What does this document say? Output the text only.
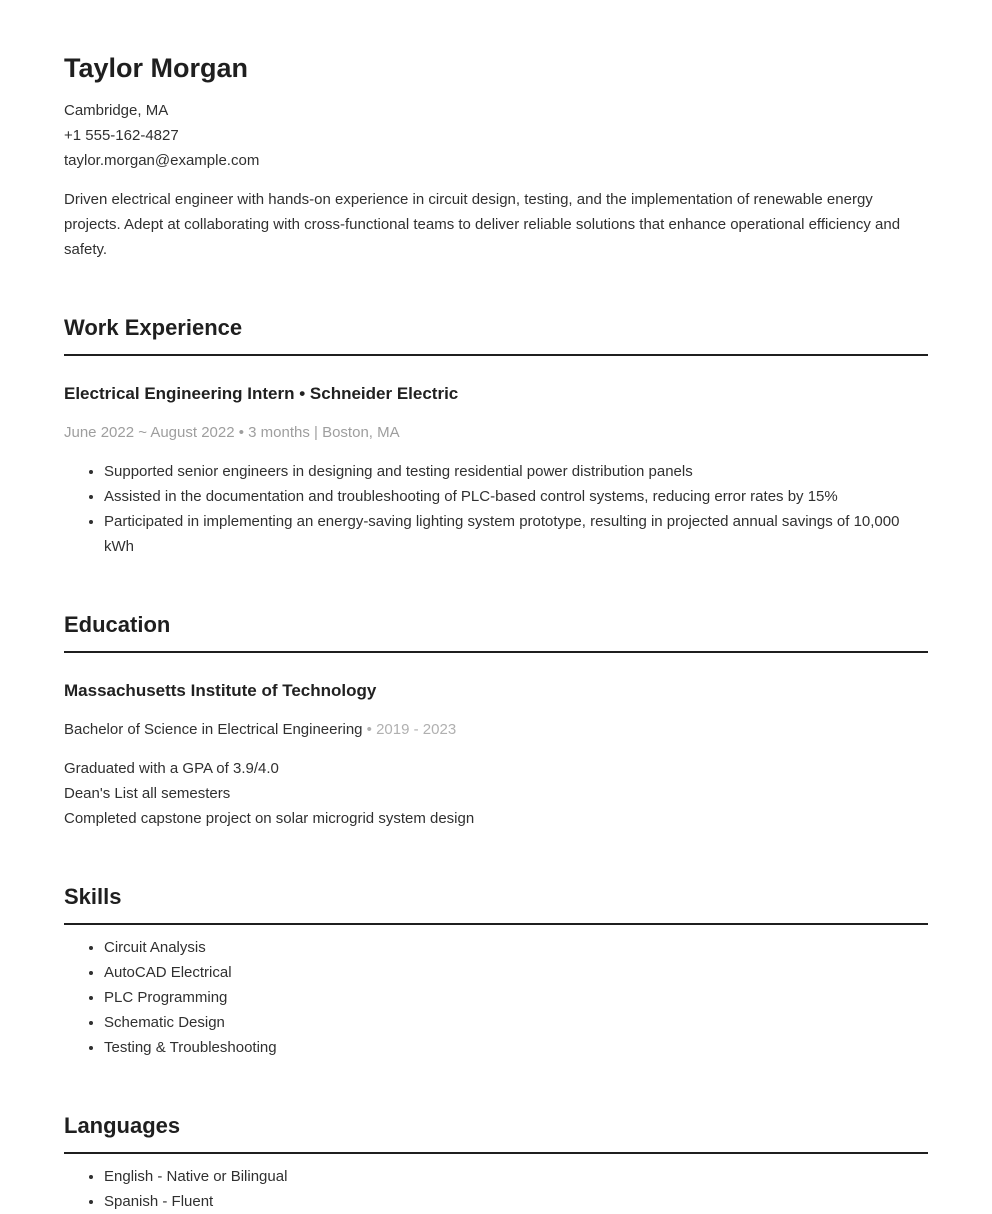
Taylor Morgan
Cambridge, MA
+1 555-162-4827
taylor.morgan@example.com

Driven electrical engineer with hands-on experience in circuit design, testing, and the implementation of renewable energy projects. Adept at collaborating with cross-functional teams to deliver reliable solutions that enhance operational efficiency and safety.

Work Experience
Electrical Engineering Intern • Schneider Electric

June 2022 ~ August 2022 • 3 months | Boston, MA

• Supported senior engineers in designing and testing residential power distribution panels
• Assisted in the documentation and troubleshooting of PLC-based control systems, reducing error rates by 15%
• Participated in implementing an energy-saving lighting system prototype, resulting in projected annual savings of 10,000 kWh
Education
Massachusetts Institute of Technology

Bachelor of Science in Electrical Engineering • 2019 - 2023

Graduated with a GPA of 3.9/4.0
Dean's List all semesters
Completed capstone project on solar microgrid system design
Skills
• Circuit Analysis
• AutoCAD Electrical
• PLC Programming
• Schematic Design
• Testing & Troubleshooting
Languages
• English - Native or Bilingual
• Spanish - Fluent
